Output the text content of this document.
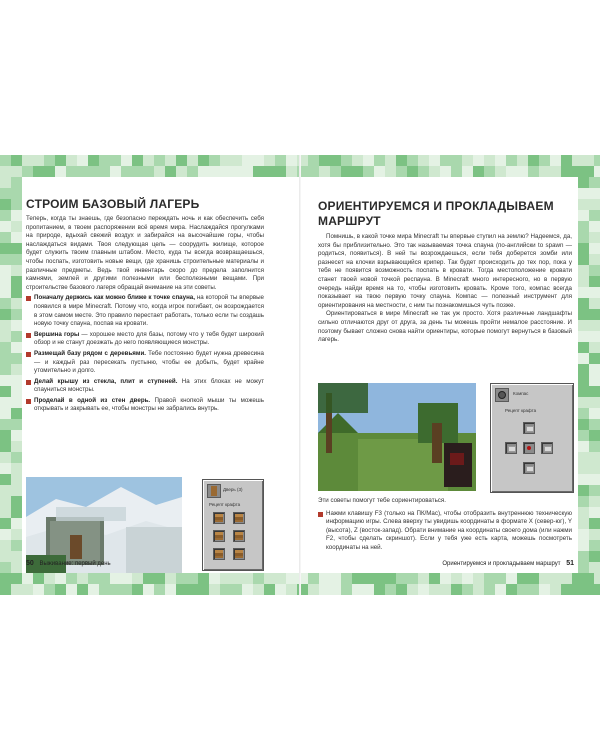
СТРОИМ БАЗОВЫЙ ЛАГЕРЬ

Теперь, когда ты знаешь, где безопасно переждать ночь и как обеспечить себя пропитанием, в твоем распоряжении всё время мира. Наслаждайся прогулками на природе, вдыхай свежий воздух и забирайся на высочайшие горы, чтобы наслаждаться видами. Твоя следующая цель — соорудить жилище, которое будет служить твоим главным штабом. Место, куда ты всегда возвращаешься, чтобы поспать, изготовить новые вещи, где хранишь строительные материалы и различные предметы. Ведь твой инвентарь скоро до предела заполнится камнями, землей и другими полезными или бесполезными вещами. При строительстве базового лагеря обращай внимание на эти советы.

Поначалу держись как можно ближе к точке спауна, на которой ты впервые появился в мире Minecraft. Потому что, когда игрок погибает, он возрождается в этом самом месте. Это правило перестает работать, только если ты создашь новую точку спауна, поспав на кровати.

Вершина горы — хорошее место для базы, потому что у тебя будет широкий обзор и не станут доезжать до него появляющиеся монстры.

Размещай базу рядом с деревьями. Тебе постоянно будет нужна древесина — и каждый раз пересекать пустыню, чтобы ее добыть, будет крайне утомительно и долго.

Делай крышу из стекла, плит и ступеней. На этих блоках не можут спауниться монстры.

Проделай в одной из стен дверь. Правой кнопкой мыши ты можешь открывать и закрывать ее, чтобы монстры не забрались внутрь.

Дверь (3)
Рецепт крафта
50 Выживание: первый день
ОРИЕНТИРУЕМСЯ И ПРОКЛАДЫВАЕМ МАРШРУТ

Помнишь, в какой точке мира Minecraft ты впервые ступил на землю? Надеемся, да, хотя бы приблизительно. Это так называемая точка спауна (по-английски to spawn — родиться, появиться). В ней ты возрождаешься, если тебя доберется зомби или разнесет на клочки взрывающийся крипер. Так будет происходить до тех пор, пока у тебя не появится возможность поспать в кровати. Тогда местоположение кровати станет твоей новой точкой респауна. В Minecraft много интересного, но в первую очередь найди время на то, чтобы изготовить кровать. Кроме того, компас всегда показывает на твою первую точку спауна. Компас — полезный инструмент для ориентирования на местности, с ним ты познакомишься чуть позже.

Ориентироваться в мире Minecraft не так уж просто. Хотя различные ландшафты сильно отличаются друг от друга, за день ты можешь пройти немалое расстояние. И поэтому бывает сложно снова найти ориентиры, которые помогут вернуться в базовый лагерь.

Компас
Рецепт крафта

Эти советы помогут тебе сориентироваться.

Нажми клавишу F3 (только на ПК/Mac), чтобы отобразить внутреннюю техническую информацию игры. Слева вверху ты увидишь координаты в формате X (север-юг), Y (высота), Z (восток-запад). Обрати внимание на координаты своего дома (или нажми F2, чтобы сделать скриншот). Если у тебя уже есть карта, можешь посмотреть координаты на ней.

Ориентируемся и прокладываем маршрут 51
